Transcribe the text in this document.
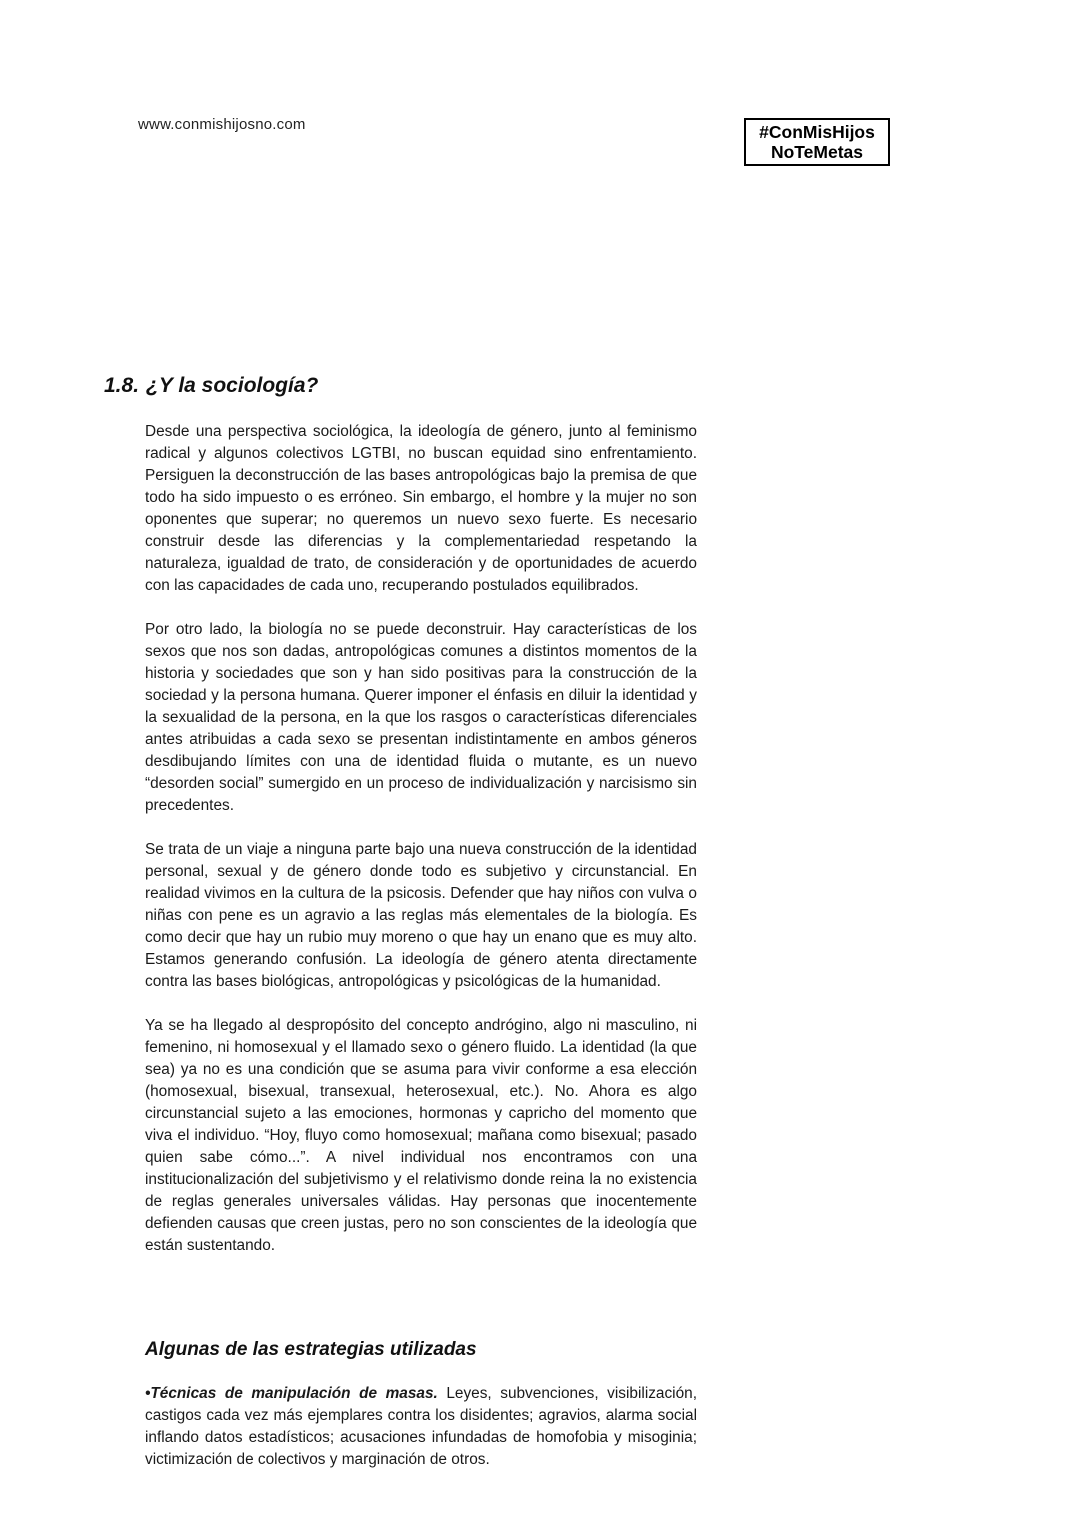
www.conmishijosno.com	#ConMisHijos
NoTeMetas
1.8. ¿Y la sociología?

Desde una perspectiva sociológica, la ideología de género, junto al feminismo radical y algunos colectivos LGTBI, no buscan equidad sino enfrentamiento. Persiguen la deconstrucción de las bases antropológicas bajo la premisa de que todo ha sido impuesto o es erróneo. Sin embargo, el hombre y la mujer no son oponentes que superar; no queremos un nuevo sexo fuerte. Es necesario construir desde las diferencias y la complementariedad respetando la naturaleza, igualdad de trato, de consideración y de oportunidades de acuerdo con las capacidades de cada uno, recuperando postulados equilibrados.

Por otro lado, la biología no se puede deconstruir. Hay características de los sexos que nos son dadas, antropológicas comunes a distintos momentos de la historia y sociedades que son y han sido positivas para la construcción de la sociedad y la persona humana. Querer imponer el énfasis en diluir la identidad y la sexualidad de la persona, en la que los rasgos o características diferenciales antes atribuidas a cada sexo se presentan indistintamente en ambos géneros desdibujando límites con una de identidad fluida o mutante, es un nuevo “desorden social” sumergido en un proceso de individualización y narcisismo sin precedentes.

Se trata de un viaje a ninguna parte bajo una nueva construcción de la identidad personal, sexual y de género donde todo es subjetivo y circunstancial. En realidad vivimos en la cultura de la psicosis. Defender que hay niños con vulva o niñas con pene es un agravio a las reglas más elementales de la biología. Es como decir que hay un rubio muy moreno o que hay un enano que es muy alto. Estamos generando confusión. La ideología de género atenta directamente contra las bases biológicas, antropológicas y psicológicas de la humanidad.

Ya se ha llegado al despropósito del concepto andrógino, algo ni masculino, ni femenino, ni homosexual y el llamado sexo o género fluido. La identidad (la que sea) ya no es una condición que se asuma para vivir conforme a esa elección (homosexual, bisexual, transexual, heterosexual, etc.). No. Ahora es algo circunstancial sujeto a las emociones, hormonas y capricho del momento que viva el individuo. “Hoy, fluyo como homosexual; mañana como bisexual; pasado quien sabe cómo...”. A nivel individual nos encontramos con una institucionalización del subjetivismo y el relativismo donde reina la no existencia de reglas generales universales válidas. Hay personas que inocentemente defienden causas que creen justas, pero no son conscientes de la ideología que están sustentando.

Algunas de las estrategias utilizadas

•Técnicas de manipulación de masas. Leyes, subvenciones, visibilización, castigos cada vez más ejemplares contra los disidentes; agravios, alarma social inflando datos estadísticos; acusaciones infundadas de homofobia y misoginia; victimización de colectivos y marginación de otros.
